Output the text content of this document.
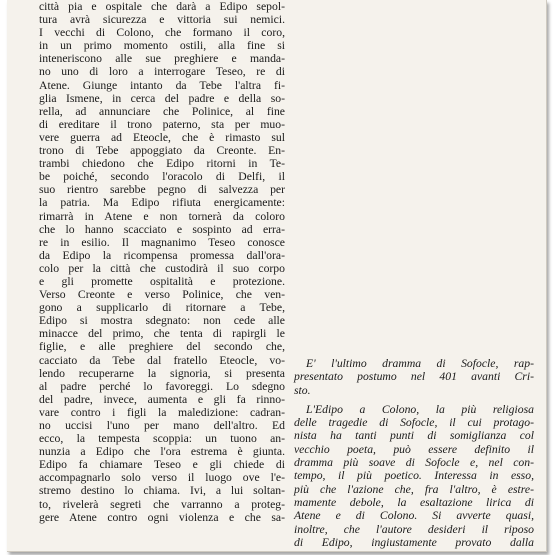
città pia e ospitale che darà a Edipo sepol-
tura avrà sicurezza e vittoria sui nemici.
I vecchi di Colono, che formano il coro,
in un primo momento ostili, alla fine si
inteneriscono alle sue preghiere e manda-
no uno di loro a interrogare Teseo, re di
Atene. Giunge intanto da Tebe l'altra fi-
glia Ismene, in cerca del padre e della so-
rella, ad annunciare che Polinice, al fine
di ereditare il trono paterno, sta per muo-
vere guerra ad Eteocle, che è rimasto sul
trono di Tebe appoggiato da Creonte. En-
trambi chiedono che Edipo ritorni in Te-
be poiché, secondo l'oracolo di Delfi, il
suo rientro sarebbe pegno di salvezza per
la patria. Ma Edipo rifiuta energicamente:
rimarrà in Atene e non tornerà da coloro
che lo hanno scacciato e sospinto ad erra-
re in esilio. Il magnanimo Teseo conosce
da Edipo la ricompensa promessa dall'ora-
colo per la città che custodirà il suo corpo
e gli promette ospitalità e protezione.
Verso Creonte e verso Polinice, che ven-
gono a supplicarlo di ritornare a Tebe,
Edipo si mostra sdegnato: non cede alle
minacce del primo, che tenta di rapirgli le
figlie, e alle preghiere del secondo che,
cacciato da Tebe dal fratello Eteocle, vo-
lendo recuperarne la signoria, si presenta
al padre perché lo favoreggi. Lo sdegno
del padre, invece, aumenta e gli fa rinno-
vare contro i figli la maledizione: cadran-
no uccisi l'uno per mano dell'altro. Ed
ecco, la tempesta scoppia: un tuono an-
nunzia a Edipo che l'ora estrema è giunta.
Edipo fa chiamare Teseo e gli chiede di
accompagnarlo solo verso il luogo ove l'e-
stremo destino lo chiama. Ivi, a lui soltan-
to, rivelerà segreti che varranno a proteg-
gere Atene contro ogni violenza e che sa-
E' l'ultimo dramma di Sofocle, rap-
presentato postumo nel 401 avanti Cri-
sto.
L'Edipo a Colono, la più religiosa
delle tragedie di Sofocle, il cui protago-
nista ha tanti punti di somiglianza col
vecchio poeta, può essere definito il
dramma più soave di Sofocle e, nel con-
tempo, il più poetico. Interessa in esso,
più che l'azione che, fra l'altro, è estre-
mamente debole, la esaltazione lirica di
Atene e di Colono. Si avverte quasi,
inoltre, che l'autore desideri il riposo
di Edipo, ingiustamente provato dalla
